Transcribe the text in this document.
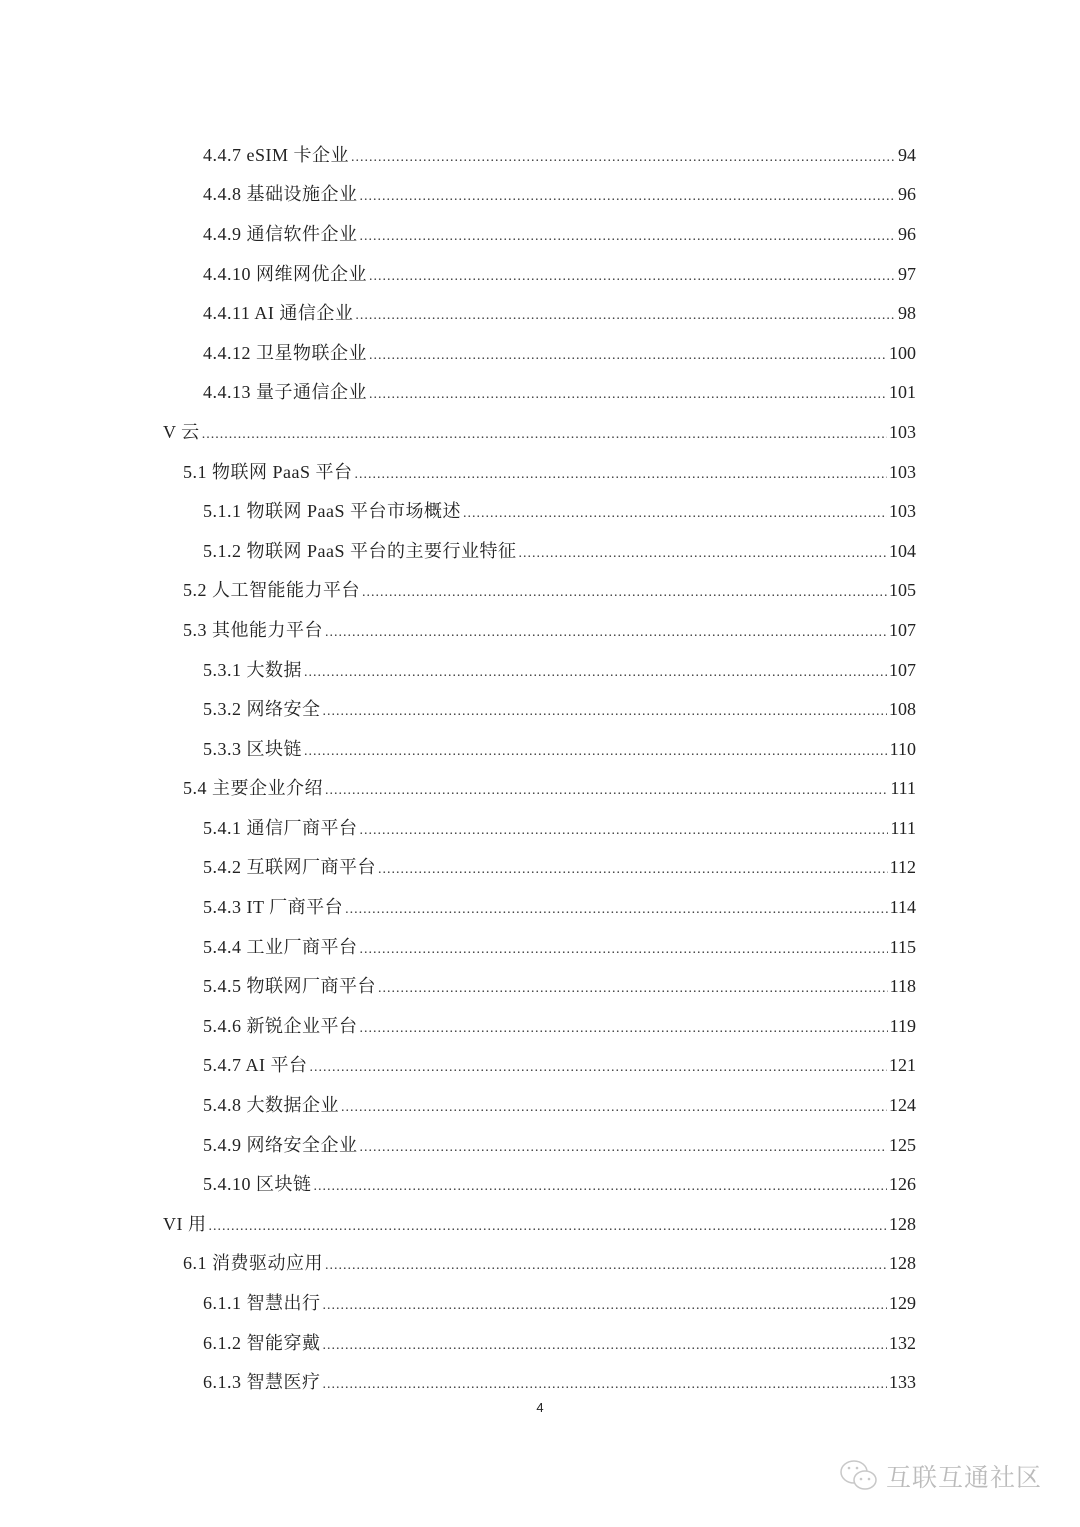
4.4.7 eSIM 卡企业 .....	94
4.4.8 基础设施企业 .....	96
4.4.9 通信软件企业 .....	96
4.4.10 网维网优企业 .....	97
4.4.11 AI 通信企业 .....	98
4.4.12 卫星物联企业 .....	100
4.4.13 量子通信企业 .....	101
V 云 .....	103
5.1 物联网 PaaS 平台 .....	103
5.1.1 物联网 PaaS 平台市场概述 .....	103
5.1.2 物联网 PaaS 平台的主要行业特征 .....	104
5.2 人工智能能力平台 .....	105
5.3 其他能力平台 .....	107
5.3.1 大数据 .....	107
5.3.2 网络安全 .....	108
5.3.3 区块链 .....	110
5.4 主要企业介绍 .....	111
5.4.1 通信厂商平台 .....	111
5.4.2 互联网厂商平台 .....	112
5.4.3 IT 厂商平台 .....	114
5.4.4 工业厂商平台 .....	115
5.4.5 物联网厂商平台 .....	118
5.4.6 新锐企业平台 .....	119
5.4.7 AI 平台 .....	121
5.4.8 大数据企业 .....	124
5.4.9 网络安全企业 .....	125
5.4.10 区块链 .....	126
VI 用 .....	128
6.1 消费驱动应用 .....	128
6.1.1 智慧出行 .....	129
6.1.2 智能穿戴 .....	132
6.1.3 智慧医疗 .....	133
4
互联互通社区
